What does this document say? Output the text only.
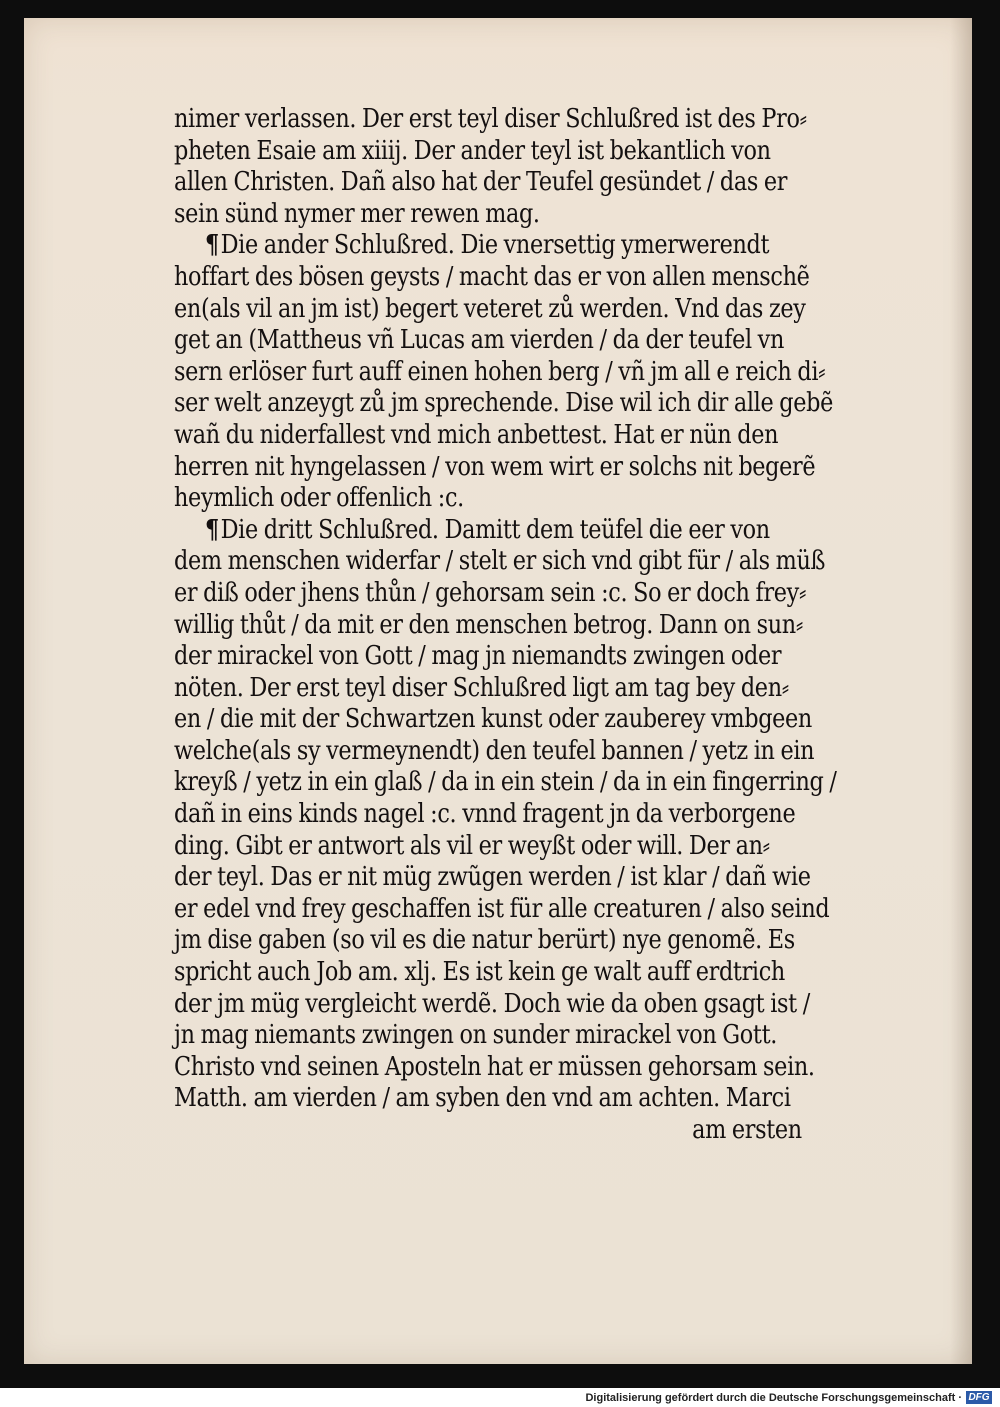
nimer verlassen. Der erst teyl diser Schlußred ist des Pro⸗
pheten Esaie am xiiij. Der ander teyl ist bekantlich von
allen Christen. Dañ also hat der Teufel gesündet / das er
sein sünd nymer mer rewen mag.
¶Die ander Schlußred. Die vnersettig ymerwerendt
hoffart des bösen geysts / macht das er von allen menschẽ
en(als vil an jm ist) begert veteret zů werden. Vnd das zey
get an (Mattheus vñ Lucas am vierden / da der teufel vn
sern erlöser furt auff einen hohen berg / vñ jm all e reich di⸗
ser welt anzeygt zů jm sprechende. Dise wil ich dir alle gebẽ
wañ du niderfallest vnd mich anbettest. Hat er nün den
herren nit hyngelassen / von wem wirt er solchs nit begerẽ
heymlich oder offenlich :c.
¶Die dritt Schlußred. Damitt dem teüfel die eer von
dem menschen widerfar / stelt er sich vnd gibt für / als müß
er diß oder jhens thůn / gehorsam sein :c. So er doch frey⸗
willig thůt / da mit er den menschen betrog. Dann on sun⸗
der mirackel von Gott / mag jn niemandts zwingen oder
nöten. Der erst teyl diser Schlußred ligt am tag bey den⸗
en / die mit der Schwartzen kunst oder zauberey vmbgeen
welche(als sy vermeynendt) den teufel bannen / yetz in ein
kreyß / yetz in ein glaß / da in ein stein / da in ein fingerring /
dañ in eins kinds nagel :c. vnnd fragent jn da verborgene
ding. Gibt er antwort als vil er weyßt oder will. Der an⸗
der teyl. Das er nit müg zwũgen werden / ist klar / dañ wie
er edel vnd frey geschaffen ist für alle creaturen / also seind
jm dise gaben (so vil es die natur berürt) nye genomẽ. Es
spricht auch Job am. xlj. Es ist kein ge walt auff erdtrich
der jm müg vergleicht werdẽ. Doch wie da oben gsagt ist /
jn mag niemants zwingen on sunder mirackel von Gott.
Christo vnd seinen Aposteln hat er müssen gehorsam sein.
Matth. am vierden / am syben den vnd am achten. Marci
am ersten
Digitalisierung gefördert durch die Deutsche Forschungsgemeinschaft · DFG
